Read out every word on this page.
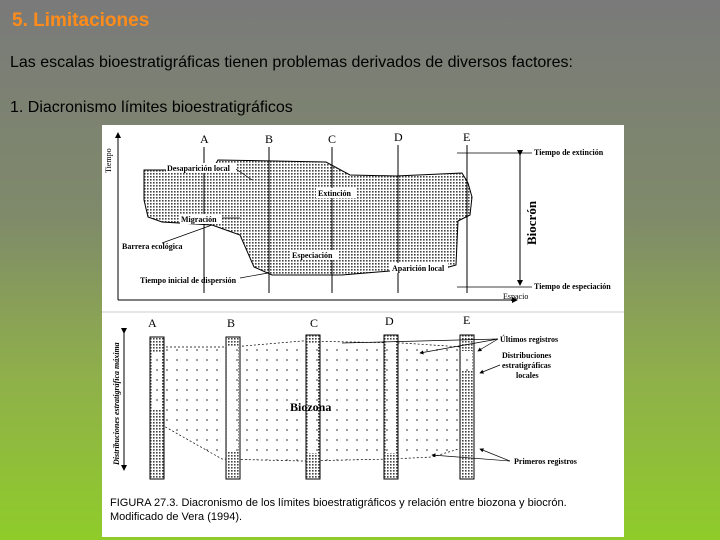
5. Limitaciones
Las escalas bioestratigráficas tienen problemas derivados de diversos factores:
1. Diacronismo límites bioestratigráficos
A	B	C	D	E
Tiempo
Espacio
Desaparición local
Extinción
Migración
Barrera ecológica
Especiación
Aparición local
Tiempo inicial de dispersión
Tiempo de extinción
Tiempo de especiación
Biocrón
A	B	C	D	E
Distribuciones estratigráfica máxima	Biozona
Últimos registros
Distribuciones
estratigráficas
locales
Primeros registros
FIGURA 27.3. Diacronismo de los límites bioestratigráficos y relación entre biozona y biocrón. Modificado de Vera (1994).
